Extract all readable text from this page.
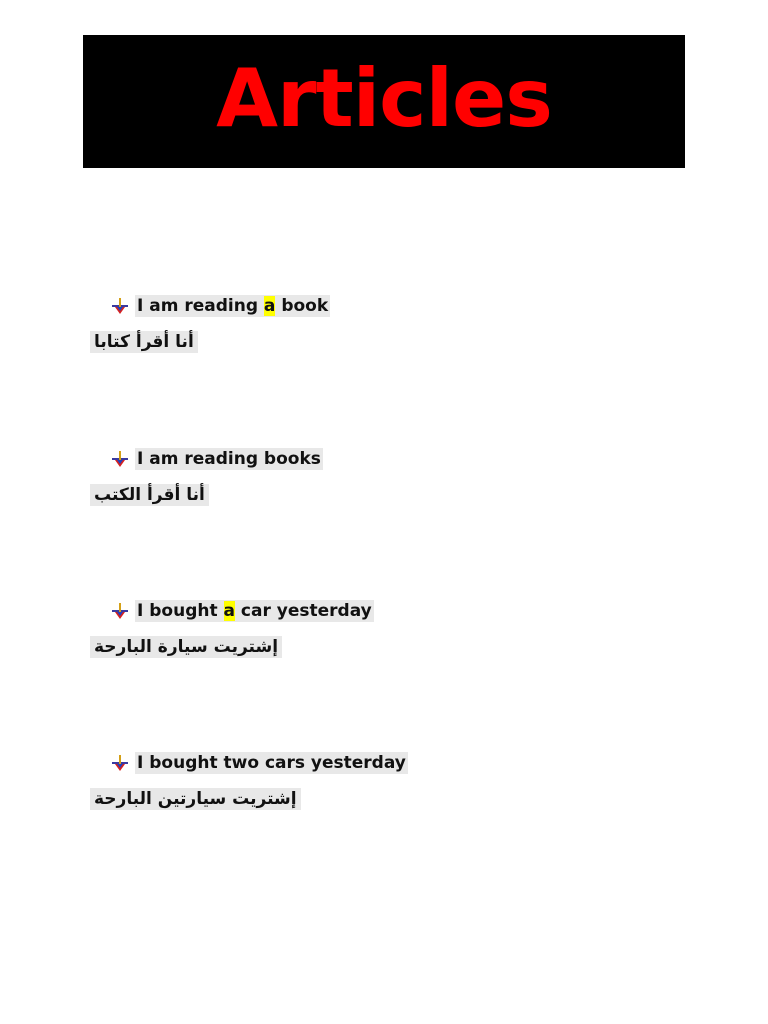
Articles
I am reading a book
أنا أقرأ كتابا
I am reading books
أنا أقرأ الكتب
I bought a car yesterday
إشتريت سيارة البارحة
I bought two cars yesterday
إشتريت سيارتين البارحة
